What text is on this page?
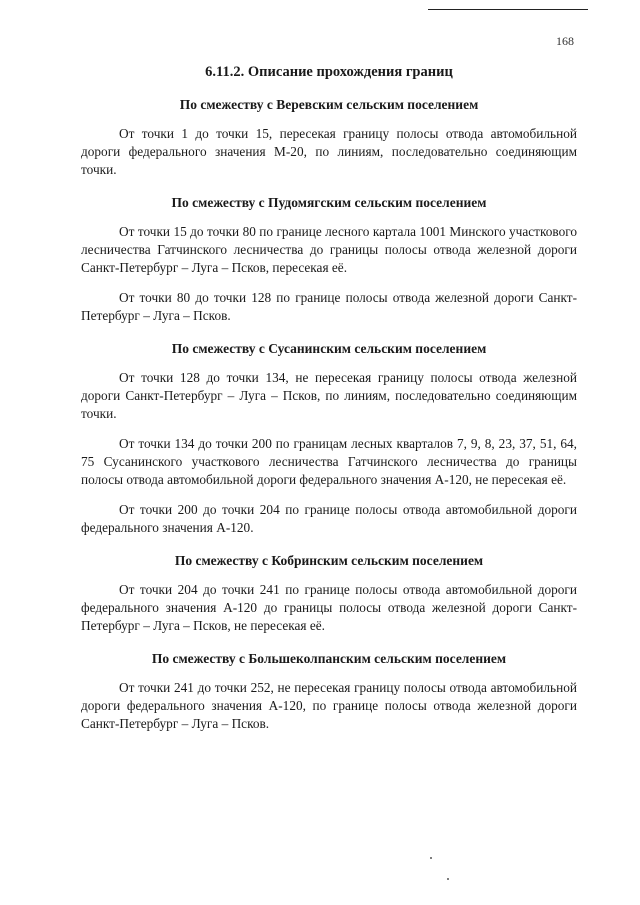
168
6.11.2. Описание прохождения границ
По смежеству с Веревским сельским поселением

От точки 1 до точки 15, пересекая границу полосы отвода автомобильной дороги федерального значения М-20, по линиям, последовательно соединяющим точки.

По смежеству с Пудомягским сельским поселением

От точки 15 до точки 80 по границе лесного картала 1001 Минского участкового лесничества Гатчинского лесничества до границы полосы отвода железной дороги Санкт-Петербург – Луга – Псков, пересекая её.

От точки 80 до точки 128 по границе полосы отвода железной дороги Санкт-Петербург – Луга – Псков.

По смежеству с Сусанинским сельским поселением

От точки 128 до точки 134, не пересекая границу полосы отвода железной дороги Санкт-Петербург – Луга – Псков, по линиям, последовательно соединяющим точки.

От точки 134 до точки 200 по границам лесных кварталов 7, 9, 8, 23, 37, 51, 64, 75 Сусанинского участкового лесничества Гатчинского лесничества до границы полосы отвода автомобильной дороги федерального значения А-120, не пересекая её.

От точки 200 до точки 204 по границе полосы отвода автомобильной дороги федерального значения А-120.

По смежеству с Кобринским сельским поселением

От точки 204 до точки 241 по границе полосы отвода автомобильной дороги федерального значения А-120 до границы полосы отвода железной дороги Санкт-Петербург – Луга – Псков, не пересекая её.

По смежеству с Большеколпанским сельским поселением

От точки 241 до точки 252, не пересекая границу полосы отвода автомобильной дороги федерального значения А-120, по границе полосы отвода железной дороги Санкт-Петербург – Луга – Псков.
